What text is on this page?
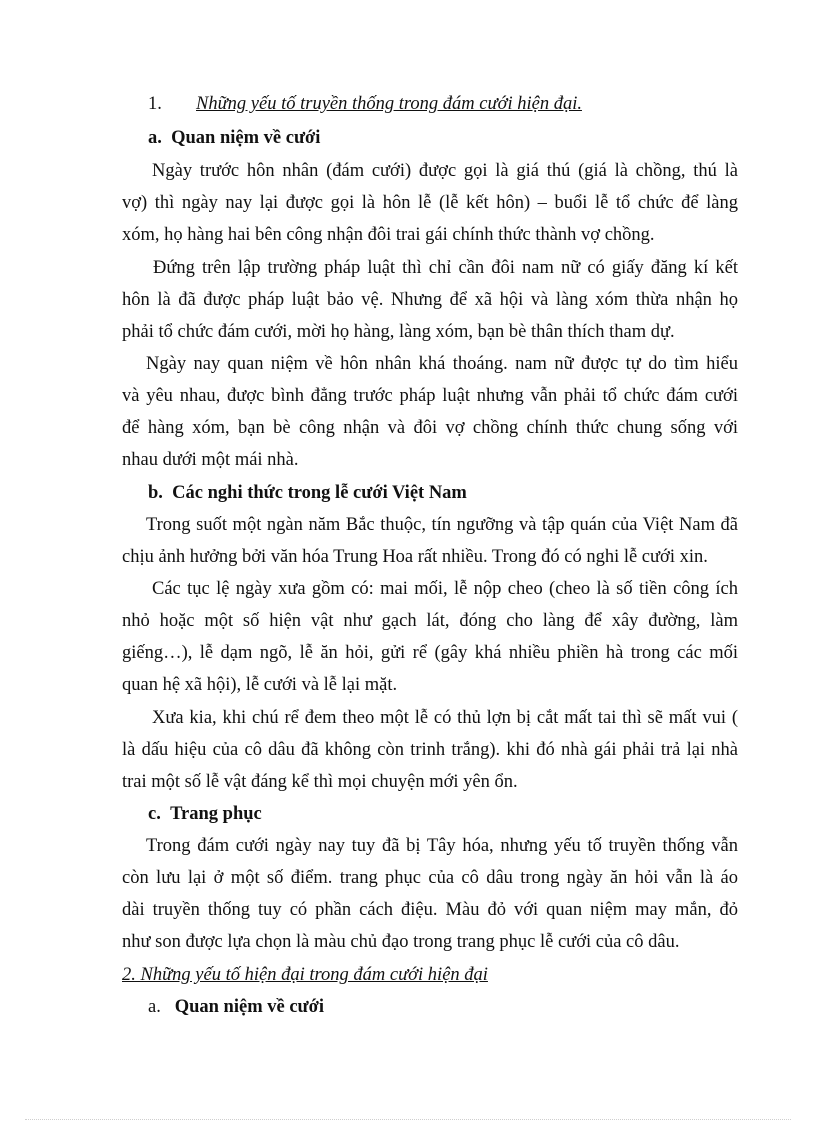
1. Những yếu tố truyền thống trong đám cưới hiện đại.
a. Quan niệm về cưới
Ngày trước hôn nhân (đám cưới) được gọi là giá thú (giá là chồng, thú là
vợ) thì ngày nay lại được gọi là hôn lễ (lễ kết hôn) – buổi lễ tổ chức để làng
xóm, họ hàng hai bên công nhận đôi trai gái chính thức thành vợ chồng.
Đứng trên lập trường pháp luật thì chỉ cần đôi nam nữ có giấy đăng kí kết
hôn là đã được pháp luật bảo vệ. Nhưng để xã hội và làng xóm thừa nhận họ
phải tổ chức đám cưới, mời họ hàng, làng xóm, bạn bè thân thích tham dự.
Ngày nay quan niệm về hôn nhân khá thoáng. nam nữ được tự do tìm hiểu
và yêu nhau, được bình đẳng trước pháp luật nhưng vẫn phải tổ chức đám cưới
để hàng xóm, bạn bè công nhận và đôi vợ chồng chính thức chung sống với
nhau dưới một mái nhà.
b. Các nghi thức trong lễ cưới Việt Nam
Trong suốt một ngàn năm Bắc thuộc, tín ngưỡng và tập quán của Việt Nam đã
chịu ảnh hưởng bởi văn hóa Trung Hoa rất nhiều. Trong đó có nghi lễ cưới xin.
Các tục lệ ngày xưa gồm có: mai mối, lễ nộp cheo (cheo là số tiền công ích
nhỏ hoặc một số hiện vật như gạch lát, đóng cho làng để xây đường, làm
giếng…), lễ dạm ngõ, lễ ăn hỏi, gửi rể (gây khá nhiều phiền hà trong các mối
quan hệ xã hội), lễ cưới và lễ lại mặt.
Xưa kia, khi chú rể đem theo một lễ có thủ lợn bị cắt mất tai thì sẽ mất vui (
là dấu hiệu của cô dâu đã không còn trinh trắng). khi đó nhà gái phải trả lại nhà
trai một số lễ vật đáng kể thì mọi chuyện mới yên ổn.
c. Trang phục
Trong đám cưới ngày nay tuy đã bị Tây hóa, nhưng yếu tố truyền thống vẫn
còn lưu lại ở một số điểm. trang phục của cô dâu trong ngày ăn hỏi vẫn là áo
dài truyền thống tuy có phần cách điệu. Màu đỏ với quan niệm may mắn, đỏ
như son được lựa chọn là màu chủ đạo trong trang phục lễ cưới của cô dâu.
2. Những yếu tố hiện đại trong đám cưới hiện đại
a. Quan niệm về cưới
